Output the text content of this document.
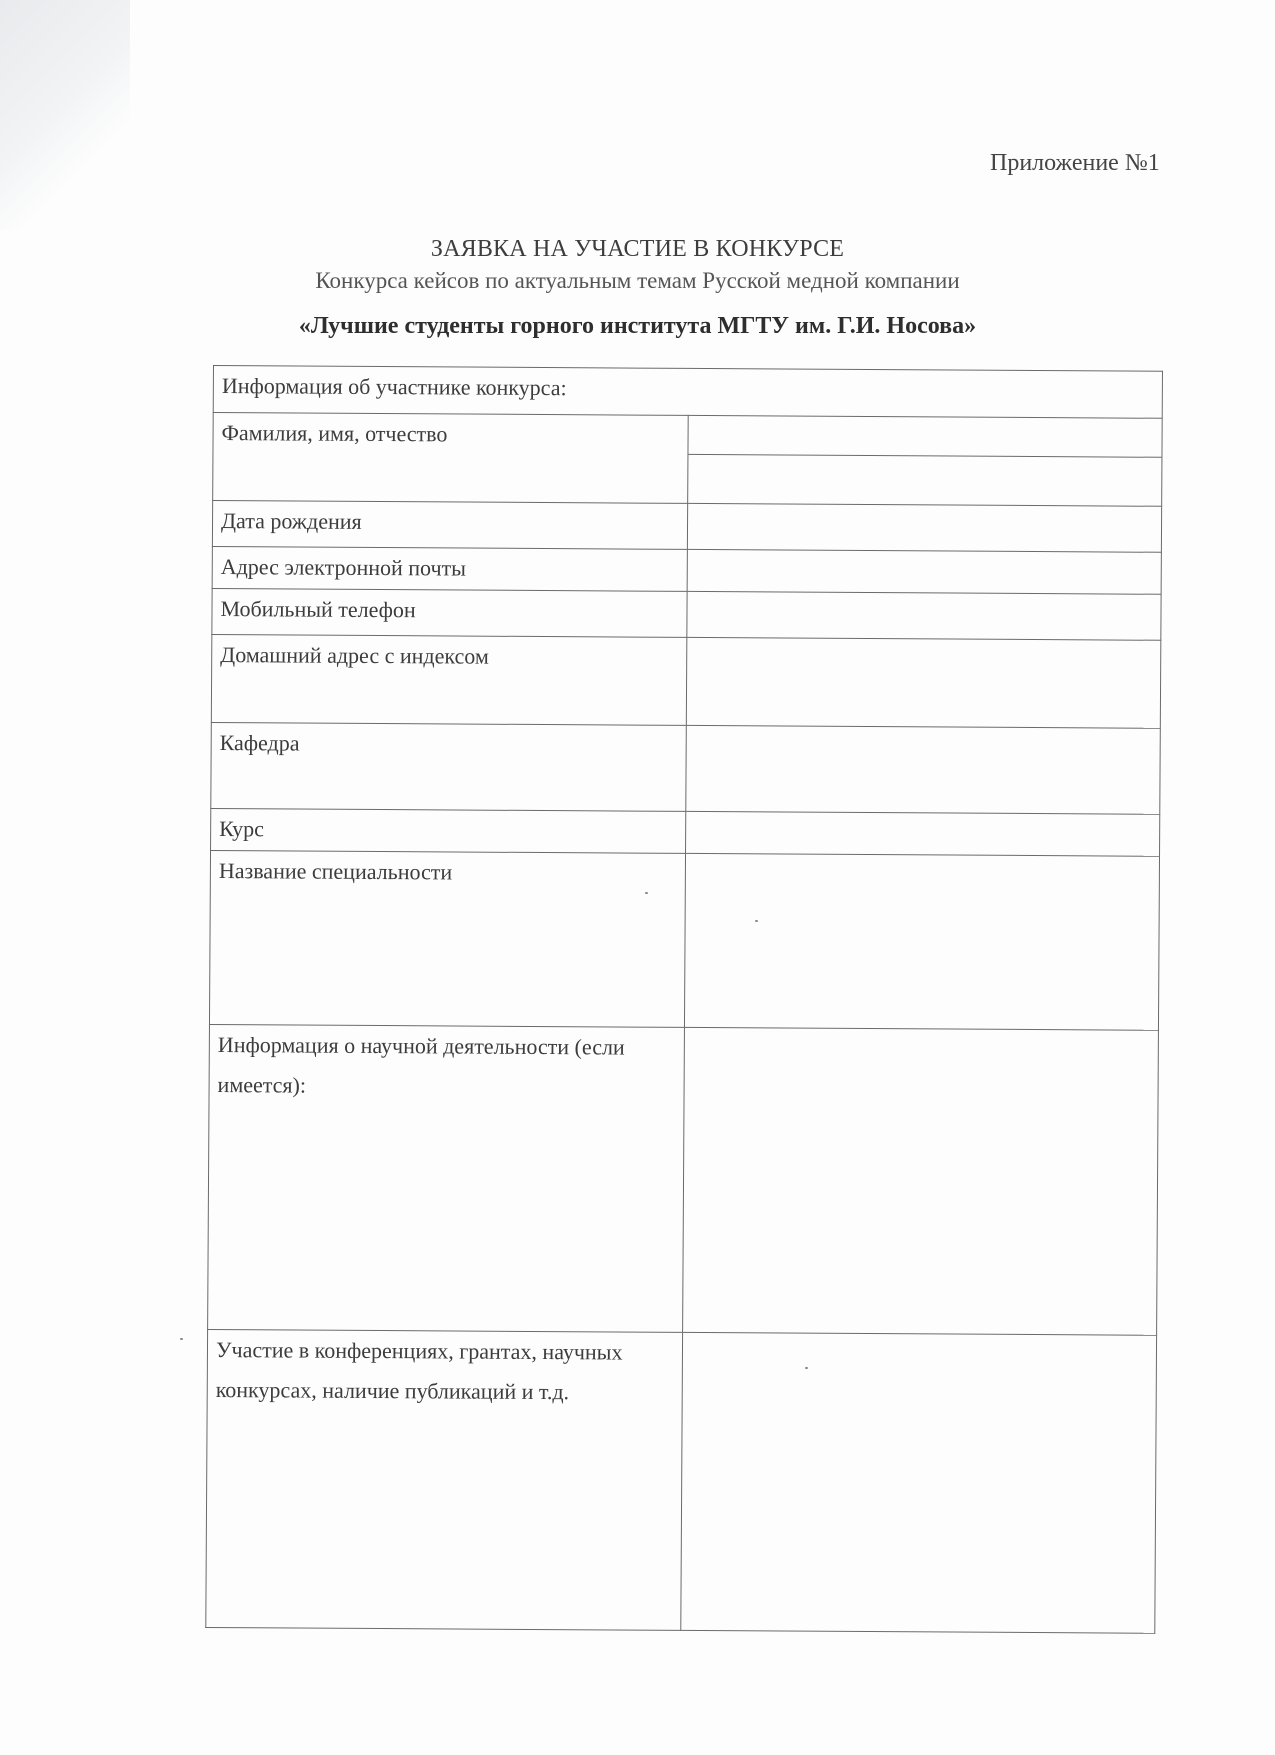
Приложение №1
ЗАЯВКА НА УЧАСТИЕ В КОНКУРСЕ
Конкурса кейсов по актуальным темам Русской медной компании
«Лучшие студенты горного института МГТУ им. Г.И. Носова»
Информация об участнике конкурса:	
Фамилия, имя, отчество	

Дата рождения	
Адрес электронной почты	
Мобильный телефон	
Домашний адрес с индексом	
Кафедра	
Курс	
Название специальности	
Информация о научной деятельности (если имеется):	
Участие в конференциях, грантах, научных конкурсах, наличие публикаций и т.д.	
